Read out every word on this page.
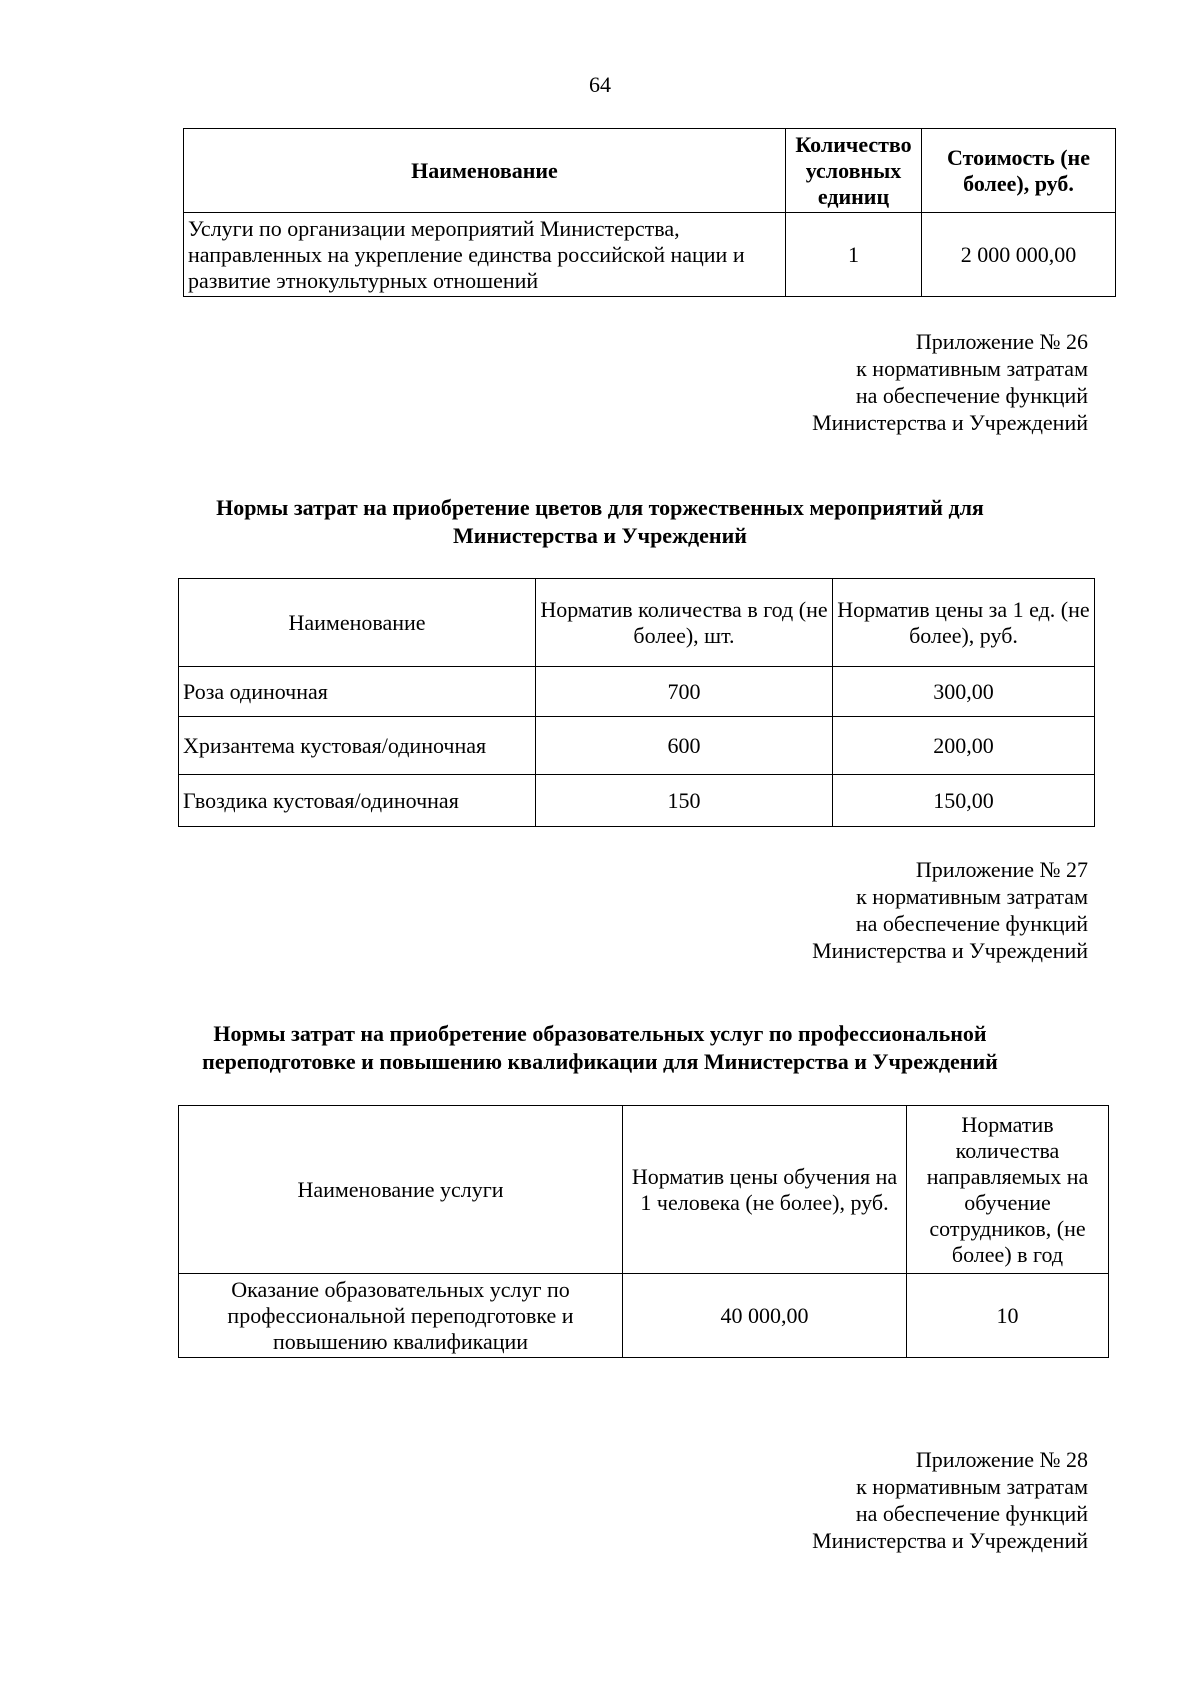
64
Наименование	Количество условных единиц	Стоимость (не более), руб.
Услуги по организации мероприятий Министерства, направленных на укрепление единства российской нации и развитие этнокультурных отношений	1	2 000 000,00
Приложение № 26
к нормативным затратам
на обеспечение функций
Министерства и Учреждений
Нормы затрат на приобретение цветов для торжественных мероприятий для
Министерства и Учреждений
Наименование	Норматив количества в год (не более), шт.	Норматив цены за 1 ед. (не более), руб.
Роза одиночная	700	300,00
Хризантема кустовая/одиночная	600	200,00
Гвоздика кустовая/одиночная	150	150,00
Приложение № 27
к нормативным затратам
на обеспечение функций
Министерства и Учреждений
Нормы затрат на приобретение образовательных услуг по профессиональной
переподготовке и повышению квалификации для Министерства и Учреждений
Наименование услуги	Норматив цены обучения на 1 человека (не более), руб.	Норматив количества направляемых на обучение сотрудников, (не более) в год
Оказание образовательных услуг по профессиональной переподготовке и повышению квалификации	40 000,00	10
Приложение № 28
к нормативным затратам
на обеспечение функций
Министерства и Учреждений
